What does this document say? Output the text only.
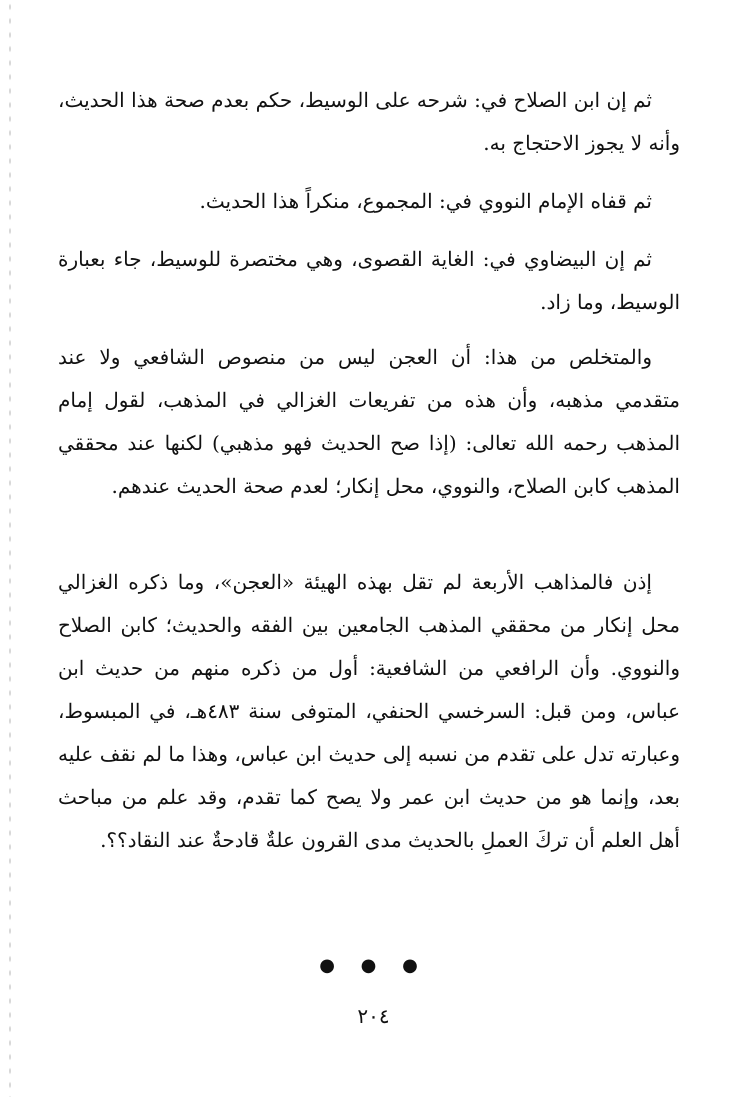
ثم إن ابن الصلاح في: شرحه على الوسيط، حكم بعدم صحة هذا الحديث، وأنه لا يجوز الاحتجاج به.

ثم قفاه الإمام النووي في: المجموع، منكراً هذا الحديث.

ثم إن البيضاوي في: الغاية القصوى، وهي مختصرة للوسيط، جاء بعبارة الوسيط، وما زاد.

والمتخلص من هذا: أن العجن ليس من منصوص الشافعي ولا عند متقدمي مذهبه، وأن هذه من تفريعات الغزالي في المذهب، لقول إمام المذهب رحمه الله تعالى: (إذا صح الحديث فهو مذهبي) لكنها عند محققي المذهب كابن الصلاح، والنووي، محل إنكار؛ لعدم صحة الحديث عندهم.

إذن فالمذاهب الأربعة لم تقل بهذه الهيئة «العجن»، وما ذكره الغزالي محل إنكار من محققي المذهب الجامعين بين الفقه والحديث؛ كابن الصلاح والنووي. وأن الرافعي من الشافعية: أول من ذكره منهم من حديث ابن عباس، ومن قبل: السرخسي الحنفي، المتوفى سنة ٤٨٣هـ، في المبسوط، وعبارته تدل على تقدم من نسبه إلى حديث ابن عباس، وهذا ما لم نقف عليه بعد، وإنما هو من حديث ابن عمر ولا يصح كما تقدم، وقد علم من مباحث أهل العلم أن تركَ العملِ بالحديث مدى القرون علةٌ قادحةٌ عند النقاد؟؟.

● ● ●
٢٠٤
